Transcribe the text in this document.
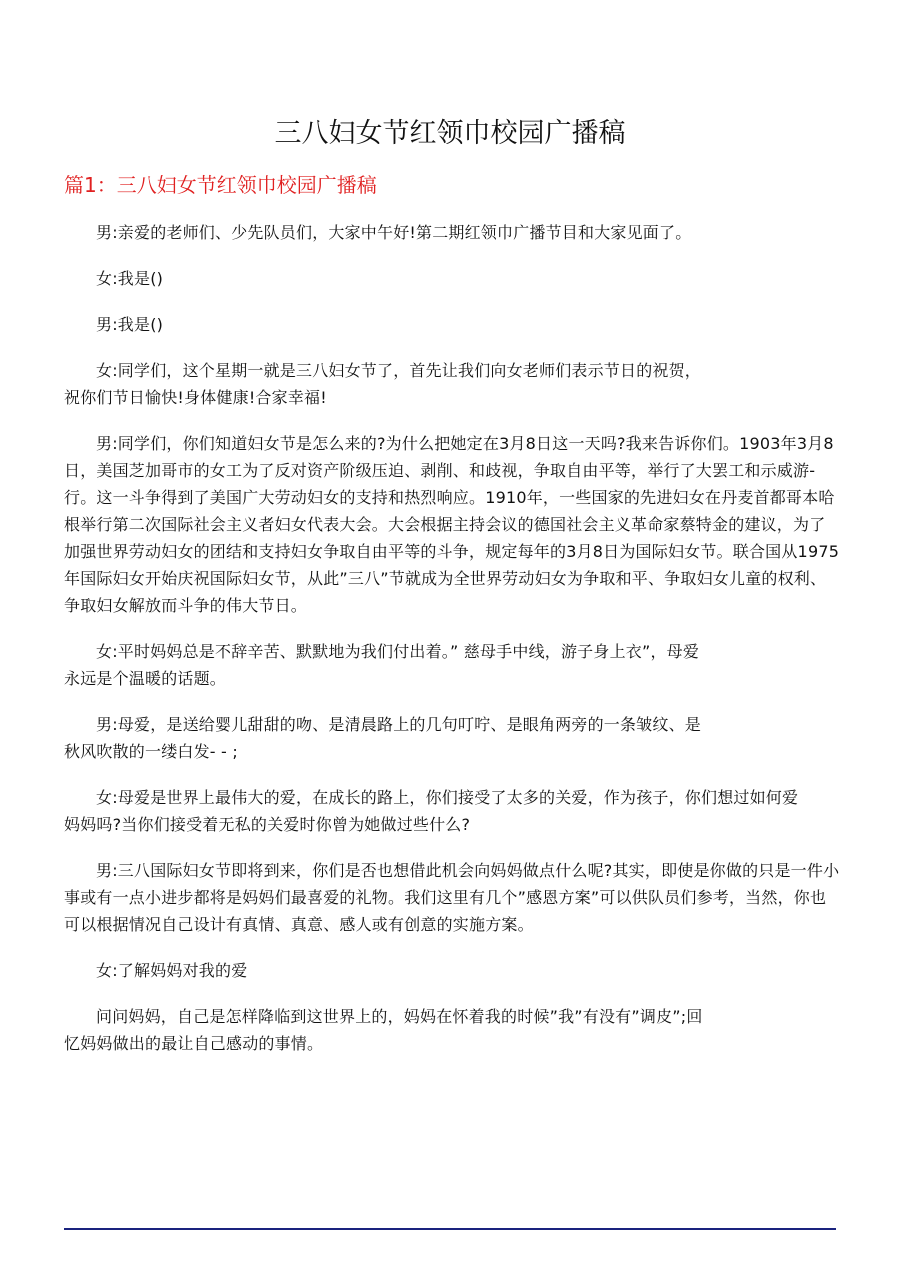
三八妇女节红领巾校园广播稿
篇1：三八妇女节红领巾校园广播稿

男:亲爱的老师们、少先队员们，大家中午好!第二期红领巾广播节目和大家见面了。

女:我是()

男:我是()

女:同学们，这个星期一就是三八妇女节了，首先让我们向女老师们表示节日的祝贺，祝你们节日愉快!身体健康!合家幸福!

男:同学们，你们知道妇女节是怎么来的?为什么把她定在3月8日这一天吗?我来告诉你们。1903年3月8日，美国芝加哥市的女工为了反对资产阶级压迫、剥削、和歧视，争取自由平等，举行了大罢工和示威游-行。这一斗争得到了美国广大劳动妇女的支持和热烈响应。1910年，一些国家的先进妇女在丹麦首都哥本哈根举行第二次国际社会主义者妇女代表大会。大会根据主持会议的德国社会主义革命家蔡特金的建议，为了加强世界劳动妇女的团结和支持妇女争取自由平等的斗争，规定每年的3月8日为国际妇女节。联合国从1975年国际妇女开始庆祝国际妇女节，从此”三八”节就成为全世界劳动妇女为争取和平、争取妇女儿童的权利、争取妇女解放而斗争的伟大节日。

女:平时妈妈总是不辞辛苦、默默地为我们付出着。” 慈母手中线，游子身上衣”，母爱永远是个温暖的话题。

男:母爱，是送给婴儿甜甜的吻、是清晨路上的几句叮咛、是眼角两旁的一条皱纹、是秋风吹散的一缕白发- - ;

女:母爱是世界上最伟大的爱，在成长的路上，你们接受了太多的关爱，作为孩子，你们想过如何爱妈妈吗?当你们接受着无私的关爱时你曾为她做过些什么?

男:三八国际妇女节即将到来，你们是否也想借此机会向妈妈做点什么呢?其实，即使是你做的只是一件小事或有一点小进步都将是妈妈们最喜爱的礼物。我们这里有几个”感恩方案”可以供队员们参考，当然，你也可以根据情况自己设计有真情、真意、感人或有创意的实施方案。

女:了解妈妈对我的爱

问问妈妈，自己是怎样降临到这世界上的，妈妈在怀着我的时候”我”有没有”调皮”;回忆妈妈做出的最让自己感动的事情。
